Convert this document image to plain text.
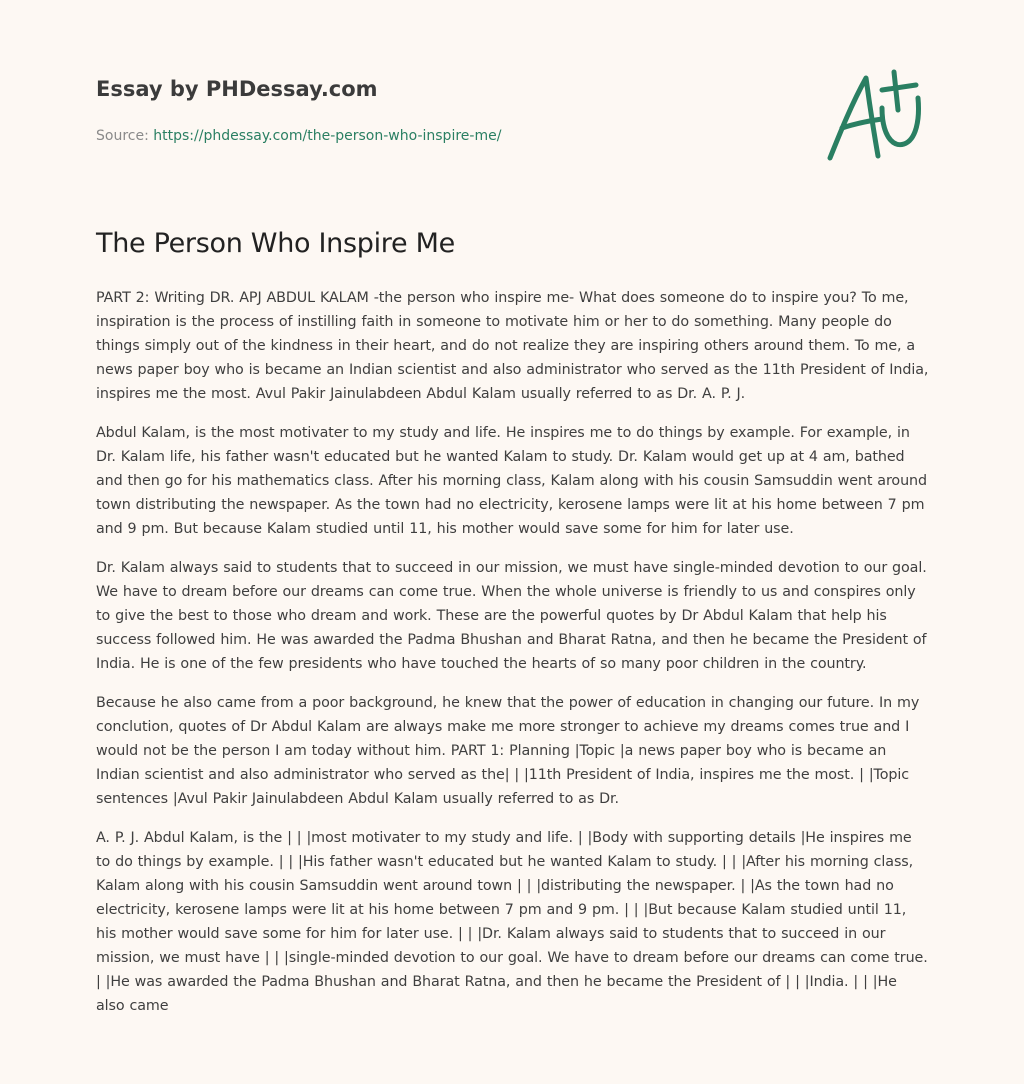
Essay by PHDessay.com
Source: https://phdessay.com/the-person-who-inspire-me/
The Person Who Inspire Me

PART 2: Writing DR. APJ ABDUL KALAM -the person who inspire me- What does someone do to inspire you? To me, inspiration is the process of instilling faith in someone to motivate him or her to do something. Many people do things simply out of the kindness in their heart, and do not realize they are inspiring others around them. To me, a news paper boy who is became an Indian scientist and also administrator who served as the 11th President of India, inspires me the most. Avul Pakir Jainulabdeen Abdul Kalam usually referred to as Dr. A. P. J.

Abdul Kalam, is the most motivater to my study and life. He inspires me to do things by example. For example, in Dr. Kalam life, his father wasn't educated but he wanted Kalam to study. Dr. Kalam would get up at 4 am, bathed and then go for his mathematics class. After his morning class, Kalam along with his cousin Samsuddin went around town distributing the newspaper. As the town had no electricity, kerosene lamps were lit at his home between 7 pm and 9 pm. But because Kalam studied until 11, his mother would save some for him for later use.

Dr. Kalam always said to students that to succeed in our mission, we must have single-minded devotion to our goal. We have to dream before our dreams can come true. When the whole universe is friendly to us and conspires only to give the best to those who dream and work. These are the powerful quotes by Dr Abdul Kalam that help his success followed him. He was awarded the Padma Bhushan and Bharat Ratna, and then he became the President of India. He is one of the few presidents who have touched the hearts of so many poor children in the country.

Because he also came from a poor background, he knew that the power of education in changing our future. In my conclution, quotes of Dr Abdul Kalam are always make me more stronger to achieve my dreams comes true and I would not be the person I am today without him. PART 1: Planning |Topic |a news paper boy who is became an Indian scientist and also administrator who served as the| | |11th President of India, inspires me the most. | |Topic sentences |Avul Pakir Jainulabdeen Abdul Kalam usually referred to as Dr.

A. P. J. Abdul Kalam, is the | | |most motivater to my study and life. | |Body with supporting details |He inspires me to do things by example. | | |His father wasn't educated but he wanted Kalam to study. | | |After his morning class, Kalam along with his cousin Samsuddin went around town | | |distributing the newspaper. | |As the town had no electricity, kerosene lamps were lit at his home between 7 pm and 9 pm. | | |But because Kalam studied until 11, his mother would save some for him for later use. | | |Dr. Kalam always said to students that to succeed in our mission, we must have | | |single-minded devotion to our goal. We have to dream before our dreams can come true. | |He was awarded the Padma Bhushan and Bharat Ratna, and then he became the President of | | |India. | | |He also came
